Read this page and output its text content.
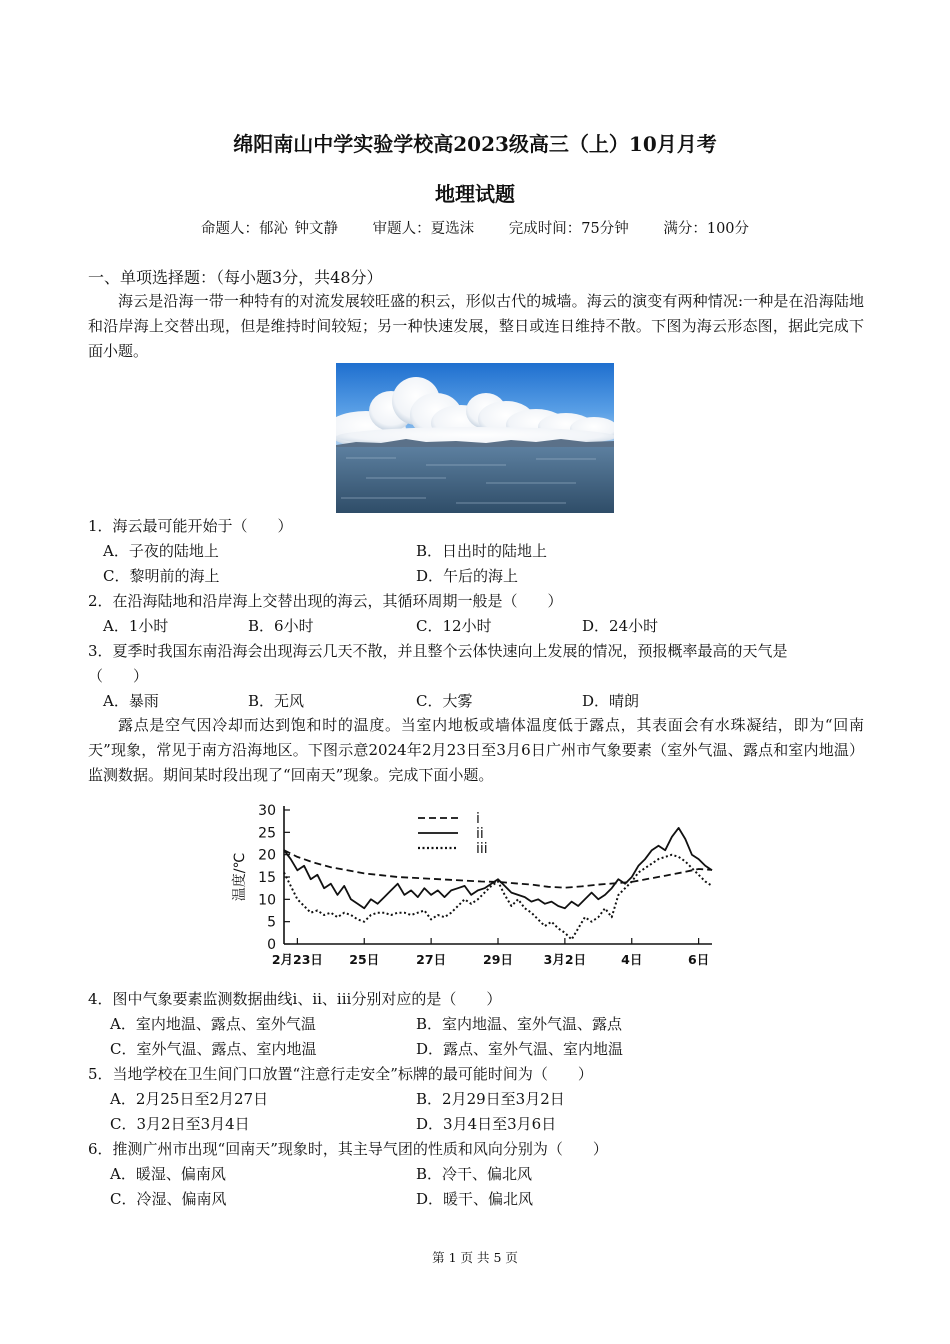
绵阳南山中学实验学校高2023级高三（上）10月月考
地理试题
命题人：郁沁 钟文静 审题人：夏选沫 完成时间：75分钟 满分：100分
一、单项选择题：（每小题3分，共48分）
海云是沿海一带一种特有的对流发展较旺盛的积云，形似古代的城墙。海云的演变有两种情况:一种是在沿海陆地和沿岸海上交替出现，但是维持时间较短；另一种快速发展，整日或连日维持不散。下图为海云形态图，据此完成下面小题。
1．海云最可能开始于（　　）
A．子夜的陆地上	B．日出时的陆地上
C．黎明前的海上	D．午后的海上
2．在沿海陆地和沿岸海上交替出现的海云，其循环周期一般是（　　）
A．1小时	B．6小时	C．12小时	D．24小时
3．夏季时我国东南沿海会出现海云几天不散，并且整个云体快速向上发展的情况，预报概率最高的天气是
（　　）
A．暴雨	B．无风	C．大雾	D．晴朗
露点是空气因冷却而达到饱和时的温度。当室内地板或墙体温度低于露点，其表面会有水珠凝结，即为“回南天”现象，常见于南方沿海地区。下图示意2024年2月23日至3月6日广州市气象要素（室外气温、露点和室内地温）监测数据。期间某时段出现了“回南天”现象。完成下面小题。
0
5
10
15
20
25
30
2月23日 25日	27日	29日 3月2日	4日	6日
温度/℃
i
ii
iii
4．图中气象要素监测数据曲线i、ii、iii分别对应的是（　　）
A．室内地温、露点、室外气温	B．室内地温、室外气温、露点
C．室外气温、露点、室内地温	D．露点、室外气温、室内地温
5．当地学校在卫生间门口放置“注意行走安全”标牌的最可能时间为（　　）
A．2月25日至2月27日	B．2月29日至3月2日
C．3月2日至3月4日	D．3月4日至3月6日
6．推测广州市出现“回南天”现象时，其主导气团的性质和风向分别为（　　）
A．暖湿、偏南风	B．冷干、偏北风
C．冷湿、偏南风	D．暖干、偏北风
第 1 页 共 5 页
